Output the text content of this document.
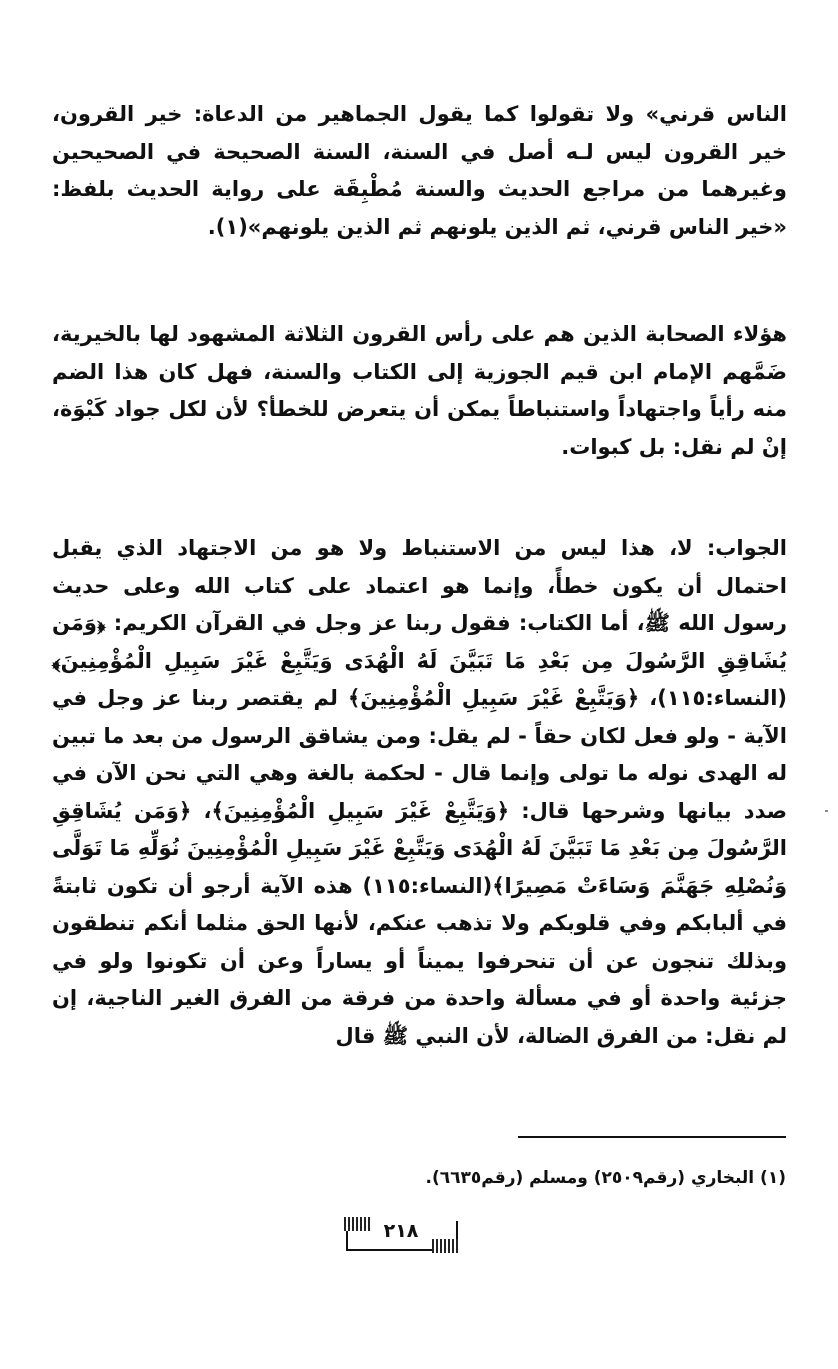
الناس قرني» ولا تقولوا كما يقول الجماهير من الدعاة: خير القرون، خير القرون ليس لـه أصل في السنة، السنة الصحيحة في الصحيحين وغيرهما من مراجع الحديث والسنة مُطْبِقَة على رواية الحديث بلفظ: «خير الناس قرني، ثم الذين يلونهم ثم الذين يلونهم»(١).

هؤلاء الصحابة الذين هم على رأس القرون الثلاثة المشهود لها بالخيرية، ضَمَّهم الإمام ابن قيم الجوزية إلى الكتاب والسنة، فهل كان هذا الضم منه رأياً واجتهاداً واستنباطاً يمكن أن يتعرض للخطأ؟ لأن لكل جواد كَبْوَة، إنْ لم نقل: بل كبوات.

الجواب: لا، هذا ليس من الاستنباط ولا هو من الاجتهاد الذي يقبل احتمال أن يكون خطأً، وإنما هو اعتماد على كتاب الله وعلى حديث رسول الله ﷺ، أما الكتاب: فقول ربنا عز وجل في القرآن الكريم: ﴿وَمَن يُشَاقِقِ الرَّسُولَ مِن بَعْدِ مَا تَبَيَّنَ لَهُ الْهُدَى وَيَتَّبِعْ غَيْرَ سَبِيلِ الْمُؤْمِنِينَ﴾(النساء:١١٥)، ﴿وَيَتَّبِعْ غَيْرَ سَبِيلِ الْمُؤْمِنِينَ﴾ لم يقتصر ربنا عز وجل في الآية - ولو فعل لكان حقاً - لم يقل: ومن يشاقق الرسول من بعد ما تبين له الهدى نوله ما تولى وإنما قال - لحكمة بالغة وهي التي نحن الآن في صدد بيانها وشرحها قال: ﴿وَيَتَّبِعْ غَيْرَ سَبِيلِ الْمُؤْمِنِينَ﴾، ﴿وَمَن يُشَاقِقِ الرَّسُولَ مِن بَعْدِ مَا تَبَيَّنَ لَهُ الْهُدَى وَيَتَّبِعْ غَيْرَ سَبِيلِ الْمُؤْمِنِينَ نُوَلِّهِ مَا تَوَلَّى وَنُصْلِهِ جَهَنَّمَ وَسَاءَتْ مَصِيرًا﴾(النساء:١١٥) هذه الآية أرجو أن تكون ثابتةً في ألبابكم وفي قلوبكم ولا تذهب عنكم، لأنها الحق مثلما أنكم تنطقون وبذلك تنجون عن أن تنحرفوا يميناً أو يساراً وعن أن تكونوا ولو في جزئية واحدة أو في مسألة واحدة من فرقة من الفرق الغير الناجية، إن لم نقل: من الفرق الضالة، لأن النبي ﷺ قال

(١) البخاري (رقم٢٥٠٩) ومسلم (رقم٦٦٣٥).

٢١٨
